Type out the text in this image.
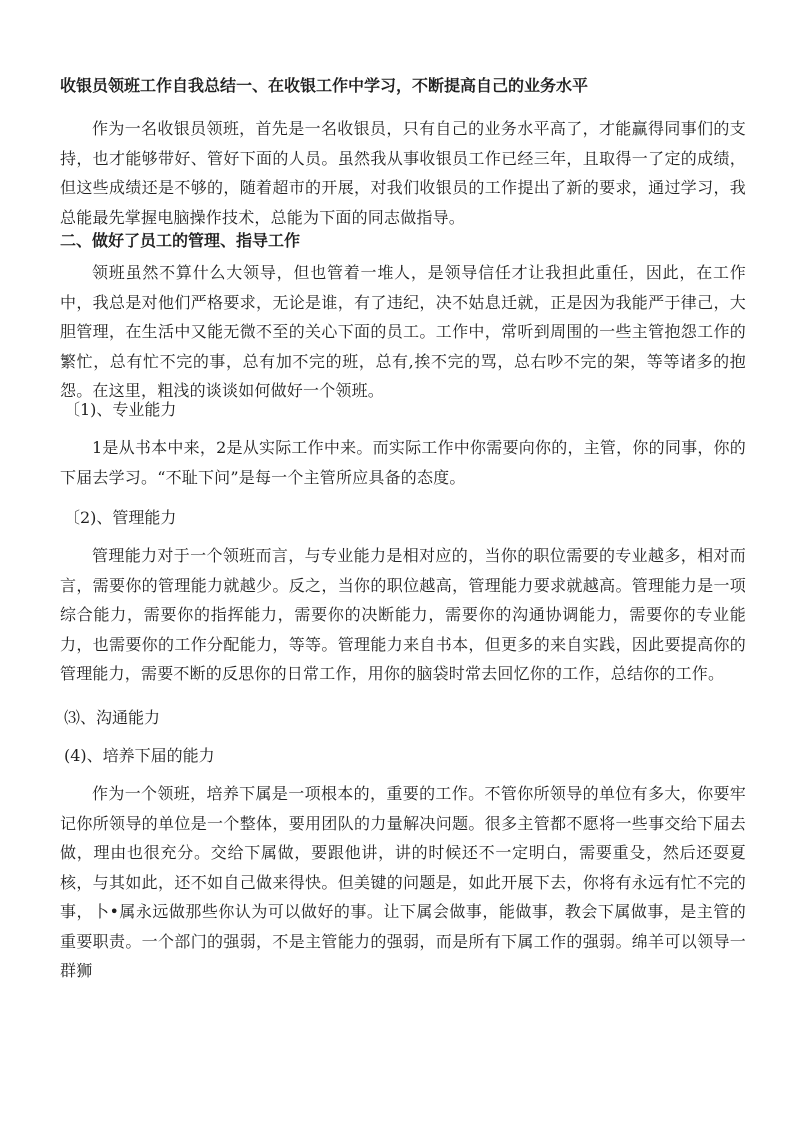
收银员领班工作自我总结一、在收银工作中学习，不断提高自己的业务水平

作为一名收银员领班，首先是一名收银员，只有自己的业务水平高了，才能赢得同事们的支持，也才能够带好、管好下面的人员。虽然我从事收银员工作已经三年，且取得一了定的成绩，但这些成绩还是不够的，随着超市的开展，对我们收银员的工作提出了新的要求，通过学习，我总能最先掌握电脑操作技术，总能为下面的同志做指导。

二、做好了员工的管理、指导工作

领班虽然不算什么大领导，但也管着一堆人，是领导信任才让我担此重任，因此，在工作中，我总是对他们严格要求，无论是谁，有了违纪，决不姑息迁就，正是因为我能严于律己，大胆管理，在生活中又能无微不至的关心下面的员工。工作中，常听到周围的一些主管抱怨工作的繁忙，总有忙不完的事，总有加不完的班，总有,挨不完的骂，总右吵不完的架，等等诸多的抱怨。在这里，粗浅的谈谈如何做好一个领班。

〔1)、专业能力

1是从书本中来，2是从实际工作中来。而实际工作中你需要向你的，主管，你的同事，你的下届去学习。“不耻下问”是每一个主管所应具备的态度。

〔2)、管理能力

管理能力对于一个领班而言，与专业能力是相对应的，当你的职位需要的专业越多，相对而言，需要你的管理能力就越少。反之，当你的职位越高，管理能力要求就越高。管理能力是一项综合能力，需要你的指挥能力，需要你的决断能力，需要你的沟通协调能力，需要你的专业能力，也需要你的工作分配能力，等等。管理能力来自书本，但更多的来自实践，因此要提高你的管理能力，需要不断的反思你的日常工作，用你的脑袋时常去回忆你的工作，总结你的工作。

⑶、沟通能力

(4)、培养下届的能力

作为一个领班，培养下属是一项根本的，重要的工作。不管你所领导的单位有多大，你要牢记你所领导的单位是一个整体，要用团队的力量解决问题。很多主管都不愿将一些事交给下届去做，理由也很充分。交给下属做，要跟他讲，讲的时候还不一定明白，需要重殳，然后还耍夏核，与其如此，还不如自己做来得快。但美键的问题是，如此开展下去，你将有永远有忙不完的事，卜•属永远做那些你认为可以做好的事。让下属会做事，能做事，教会下属做事，是主管的重要职责。一个部门的强弱，不是主管能力的强弱，而是所有下属工作的强弱。绵羊可以领导一群狮
